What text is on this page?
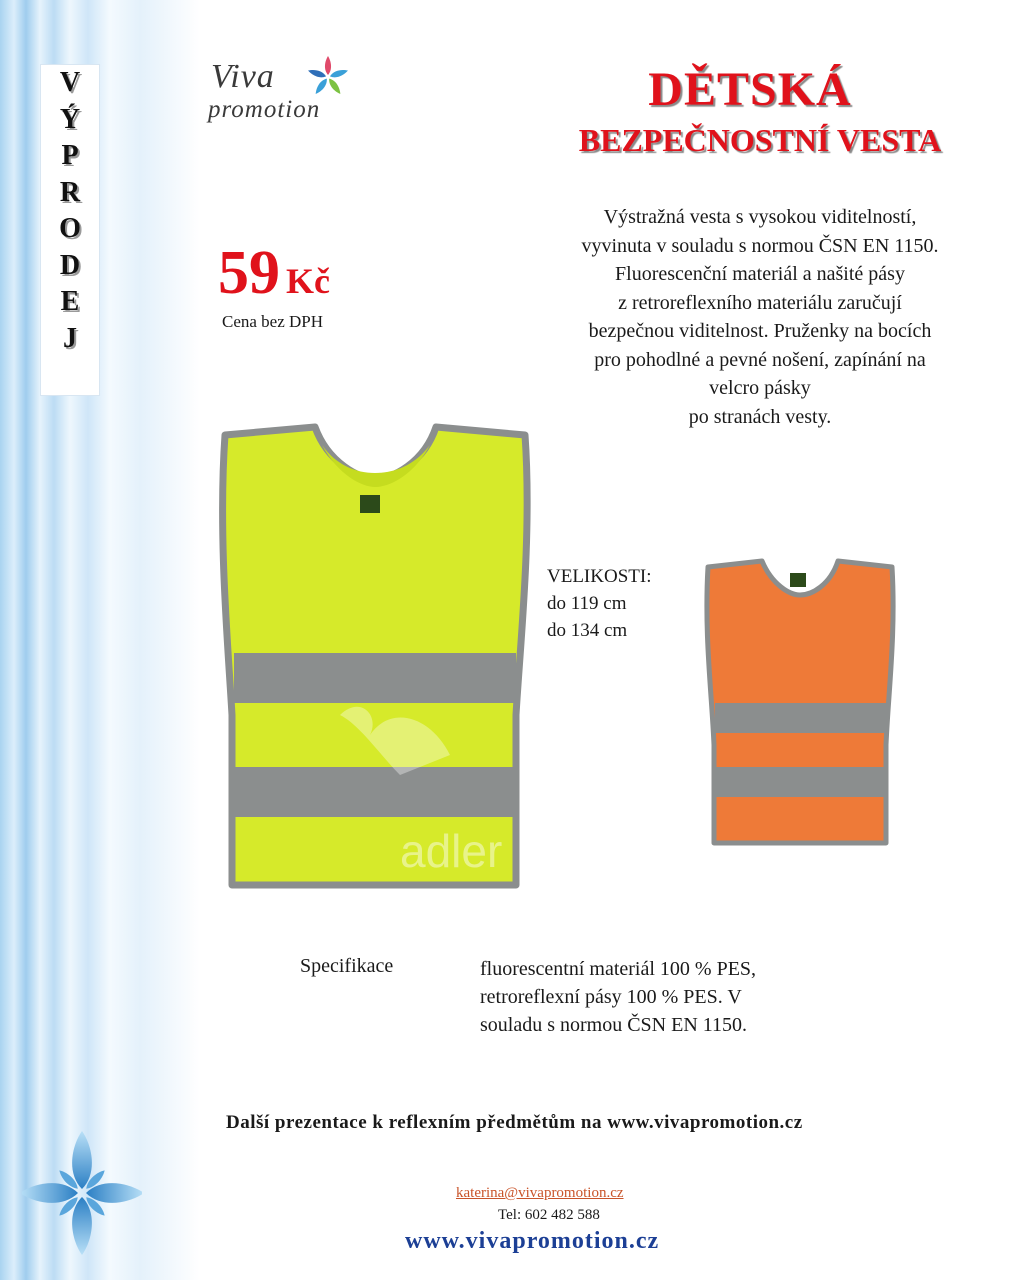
V
Ý
P
R
O
D
E
J
Viva
promotion	DĚTSKÁ
BEZPEČNOSTNÍ VESTA
Výstražná vesta s vysokou viditelností,
vyvinuta v souladu s normou ČSN EN 1150.
Fluorescenční materiál a našité pásy
z retroreflexního materiálu zaručují
bezpečnou viditelnost. Pruženky na bocích
pro pohodlné a pevné nošení, zapínání na
velcro pásky
po stranách vesty.
59 Kč
Cena bez DPH
adler
VELIKOSTI:
do 119 cm
do 134 cm
Specifikace	fluorescentní materiál 100 % PES,
retroreflexní pásy 100 % PES. V
souladu s normou ČSN EN 1150.
Další prezentace k reflexním předmětům na www.vivapromotion.cz
katerina@vivapromotion.cz
Tel: 602 482 588
www.vivapromotion.cz
